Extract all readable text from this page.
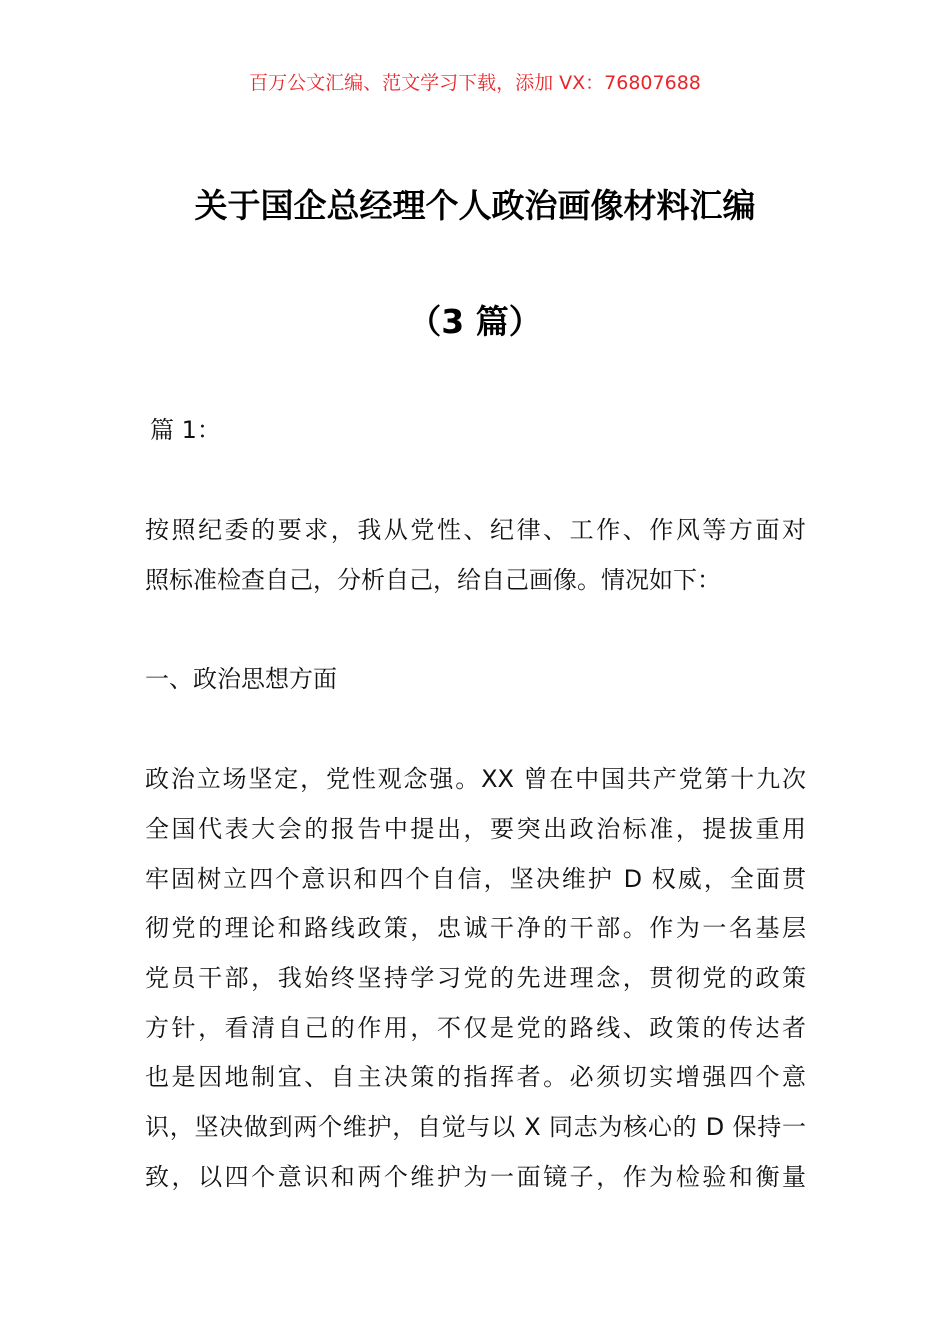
百万公文汇编、范文学习下载，添加 VX：76807688
关于国企总经理个人政治画像材料汇编
（3 篇）
篇 1：
按照纪委的要求，我从党性、纪律、工作、作风等方面对
照标准检查自己，分析自己，给自己画像。情况如下：
一、政治思想方面
政治立场坚定，党性观念强。XX 曾在中国共产党第十九次
全国代表大会的报告中提出，要突出政治标准，提拔重用
牢固树立四个意识和四个自信，坚决维护 D 权威，全面贯
彻党的理论和路线政策，忠诚干净的干部。作为一名基层
党员干部，我始终坚持学习党的先进理念，贯彻党的政策
方针，看清自己的作用，不仅是党的路线、政策的传达者
也是因地制宜、自主决策的指挥者。必须切实增强四个意
识，坚决做到两个维护，自觉与以 X 同志为核心的 D 保持一
致，以四个意识和两个维护为一面镜子，作为检验和衡量
